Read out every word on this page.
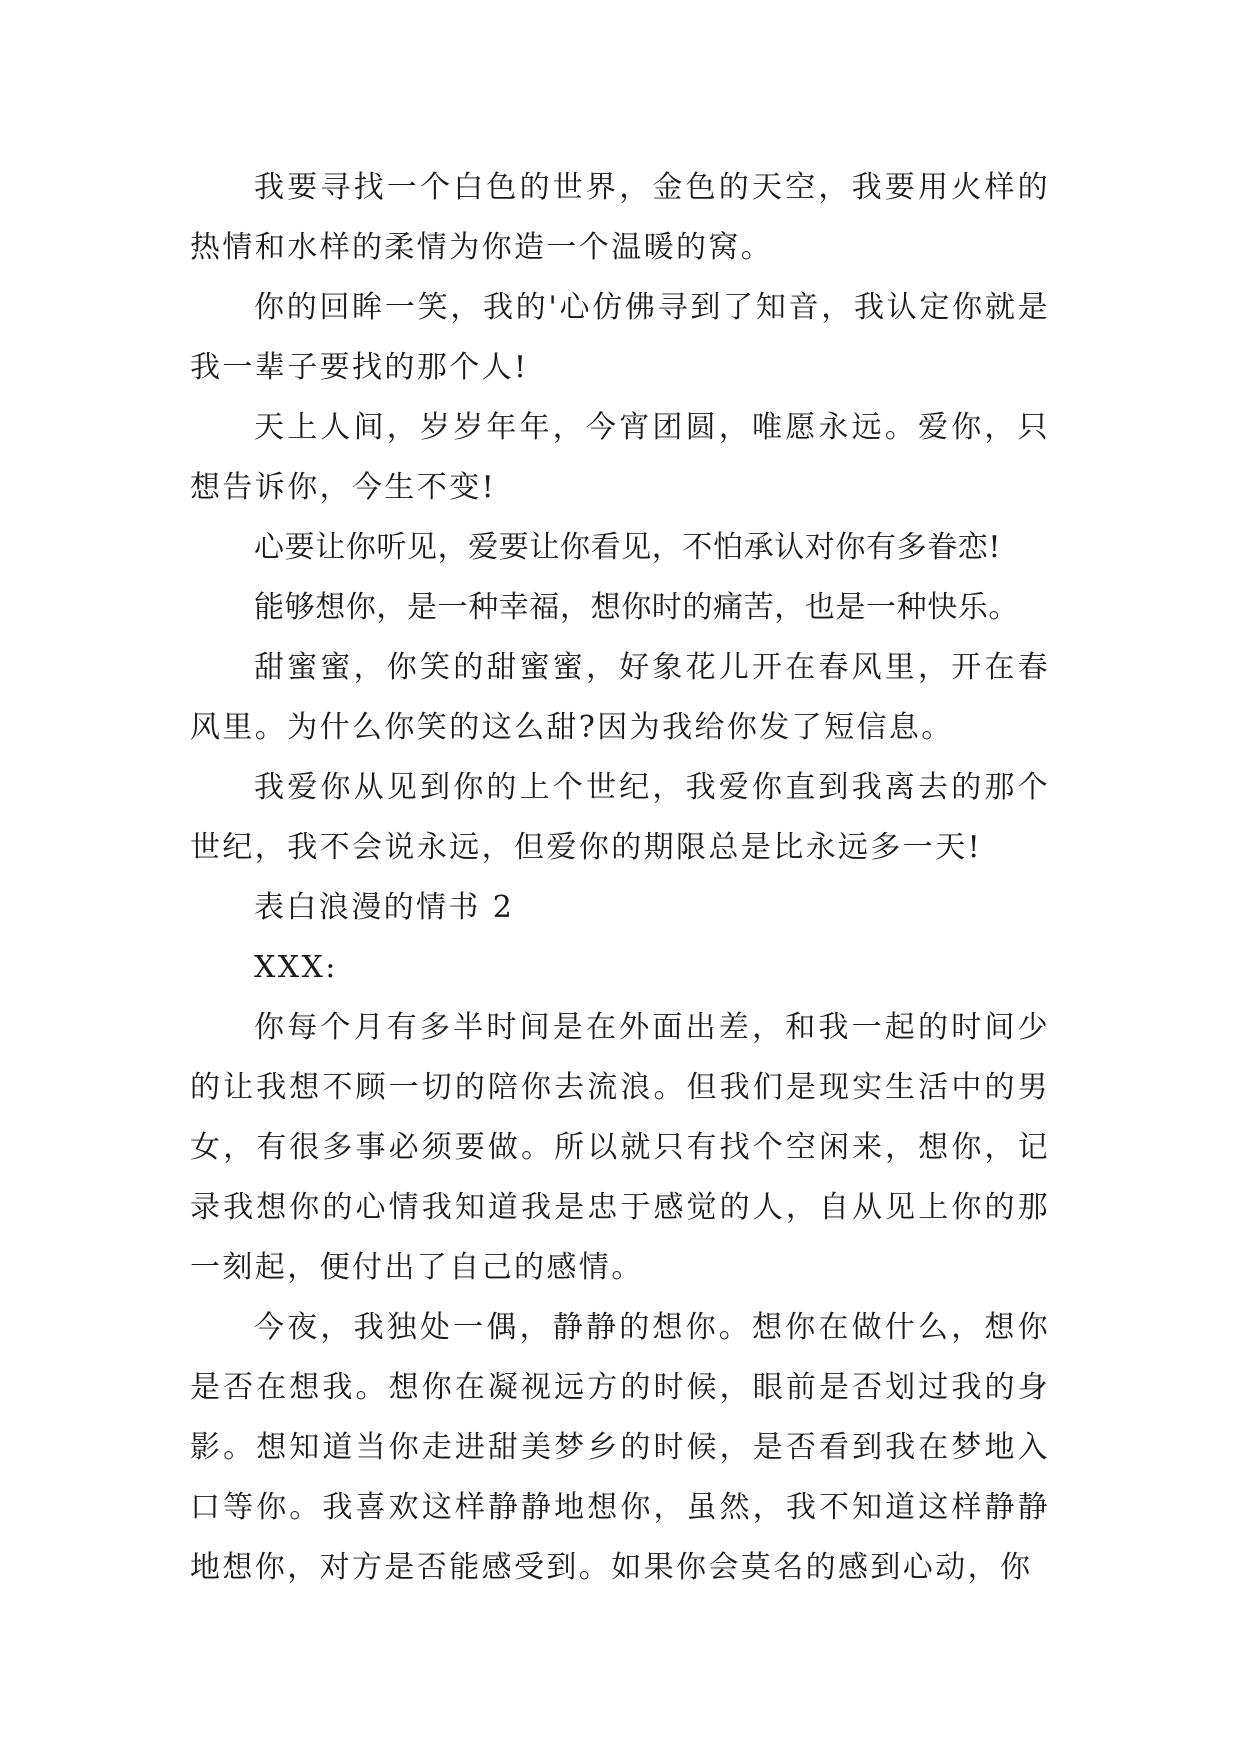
我要寻找一个白色的世界，金色的天空，我要用火样的热情和水样的柔情为你造一个温暖的窝。

你的回眸一笑，我的'心仿佛寻到了知音，我认定你就是我一辈子要找的那个人!

天上人间，岁岁年年，今宵团圆，唯愿永远。爱你，只想告诉你，今生不变!

心要让你听见，爱要让你看见，不怕承认对你有多眷恋!

能够想你，是一种幸福，想你时的痛苦，也是一种快乐。

甜蜜蜜，你笑的甜蜜蜜，好象花儿开在春风里，开在春风里。为什么你笑的这么甜?因为我给你发了短信息。

我爱你从见到你的上个世纪，我爱你直到我离去的那个世纪，我不会说永远，但爱你的期限总是比永远多一天!

表白浪漫的情书 2

XXX:

你每个月有多半时间是在外面出差，和我一起的时间少的让我想不顾一切的陪你去流浪。但我们是现实生活中的男女，有很多事必须要做。所以就只有找个空闲来，想你，记录我想你的心情我知道我是忠于感觉的人，自从见上你的那一刻起，便付出了自己的感情。

今夜，我独处一偶，静静的想你。想你在做什么，想你是否在想我。想你在凝视远方的时候，眼前是否划过我的身影。想知道当你走进甜美梦乡的时候，是否看到我在梦地入口等你。我喜欢这样静静地想你，虽然，我不知道这样静静地想你，对方是否能感受到。如果你会莫名的感到心动，你
